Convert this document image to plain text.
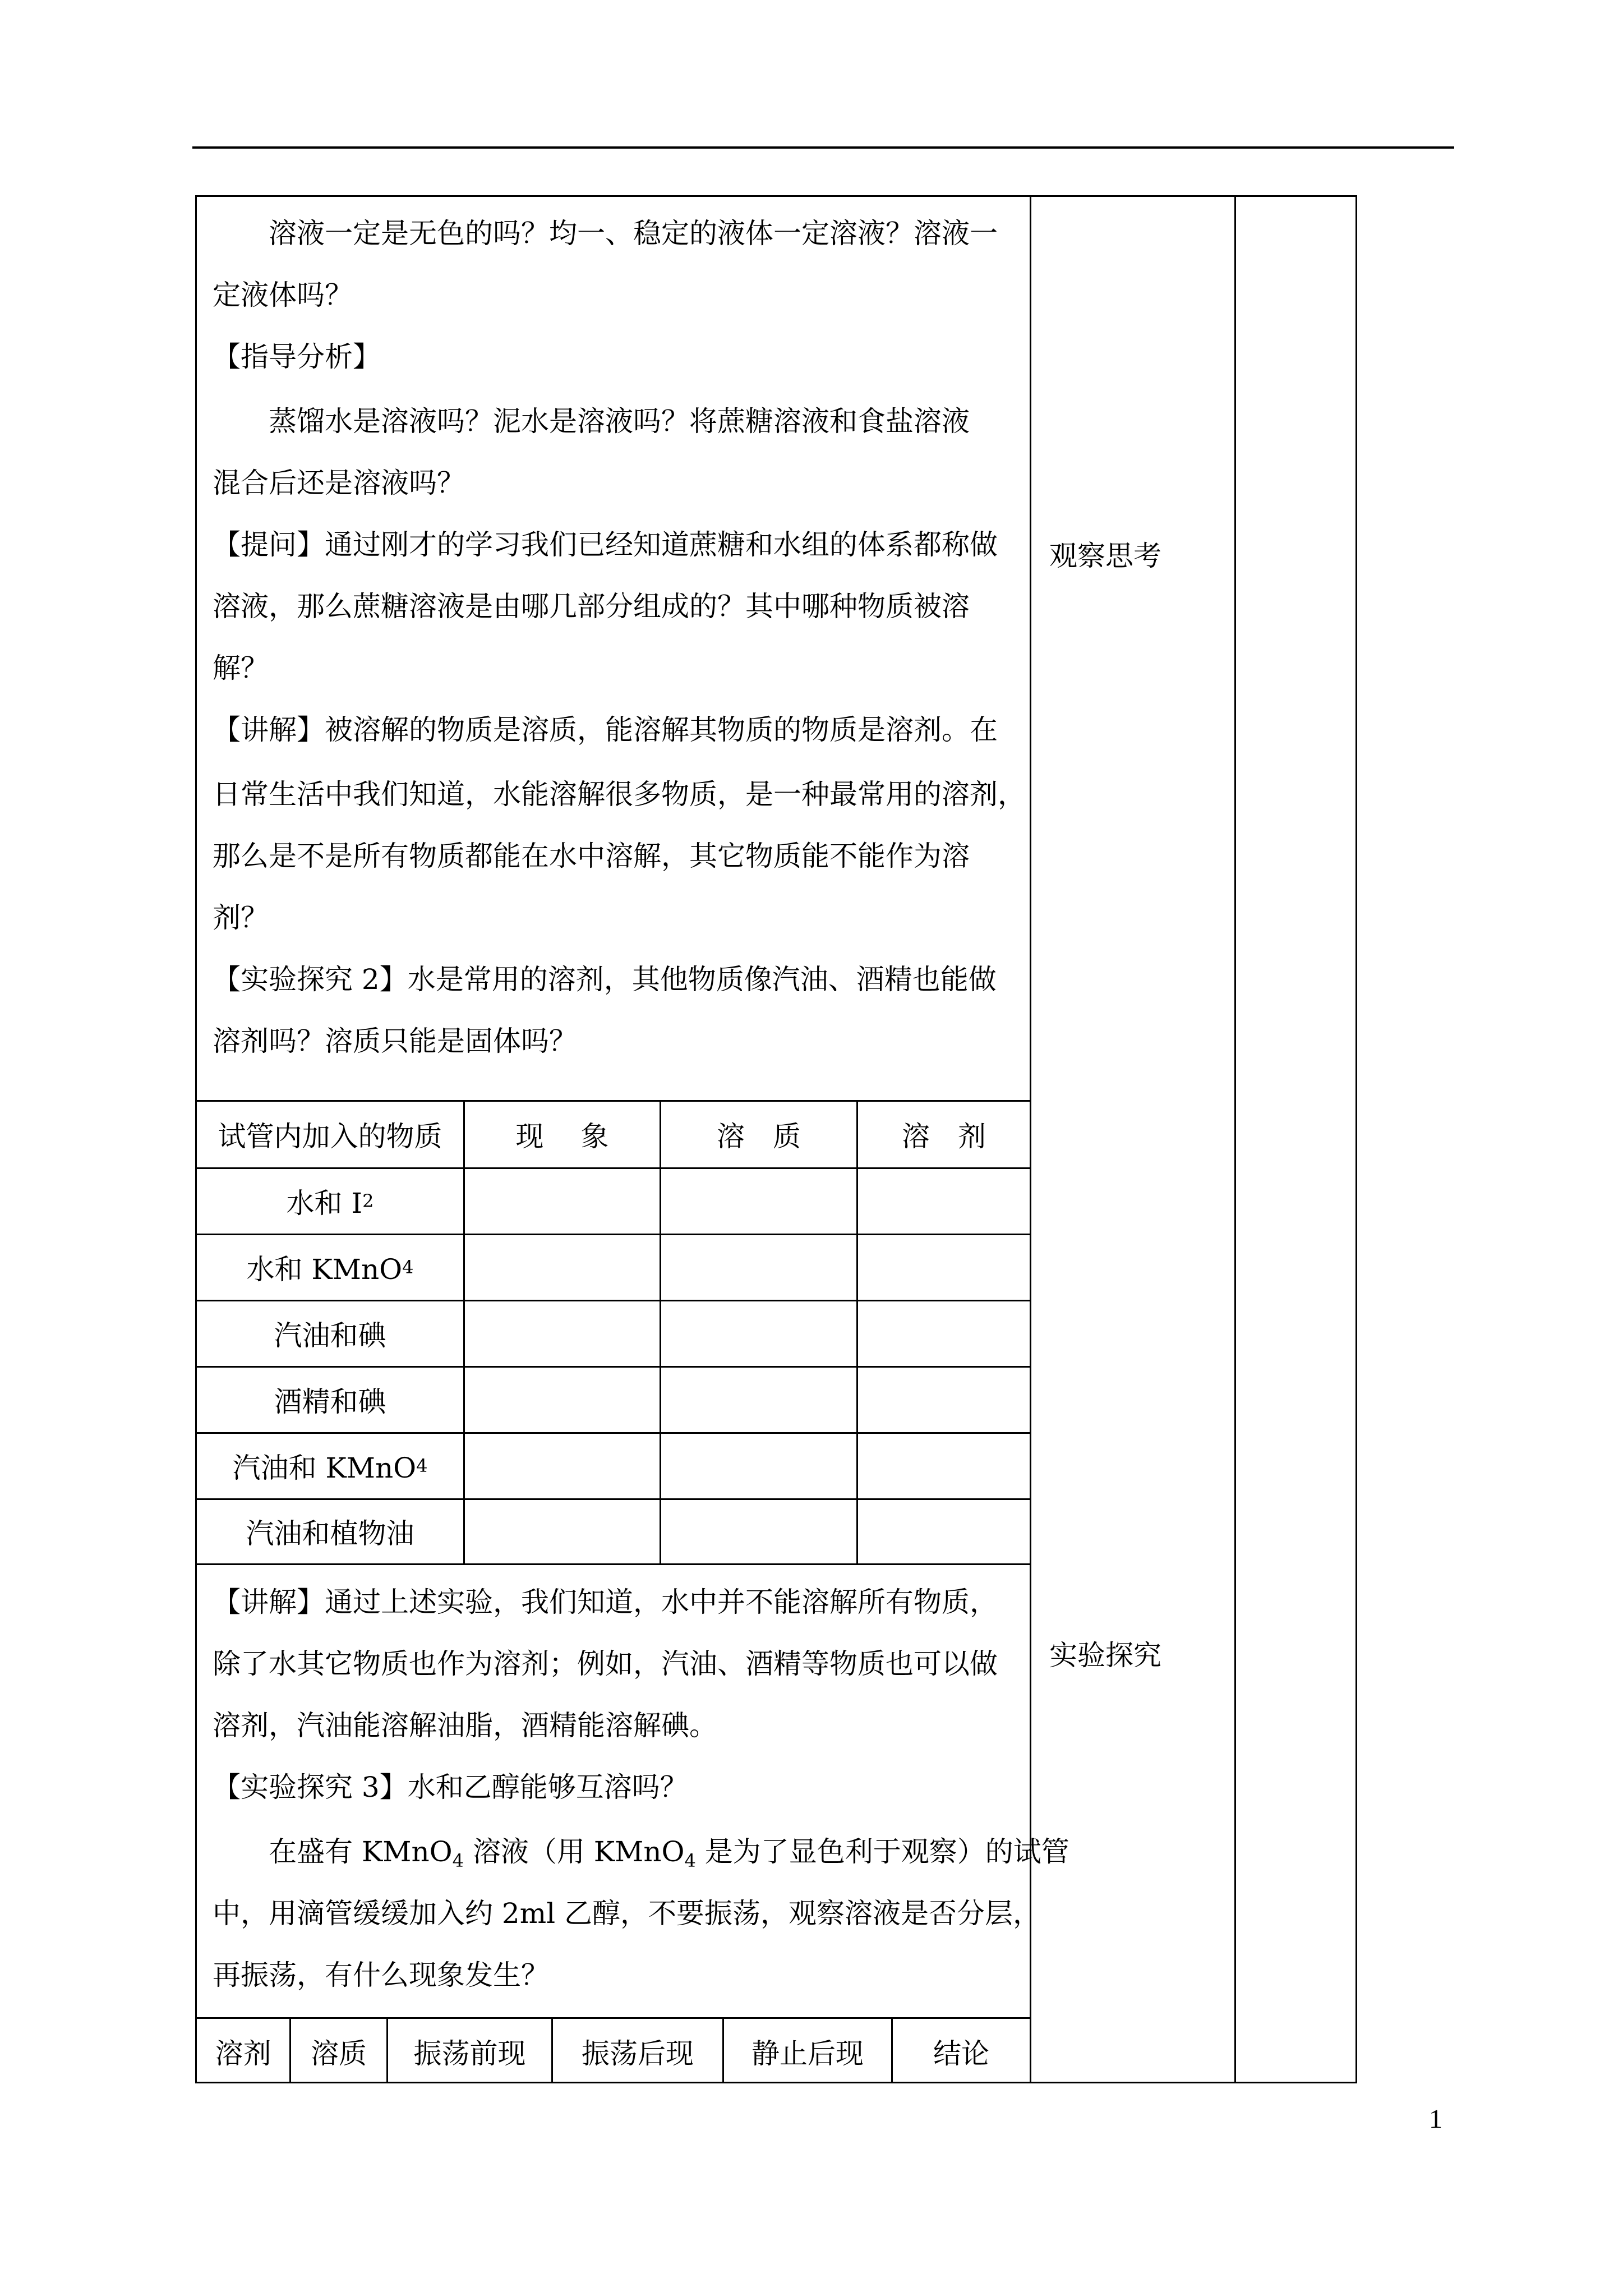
溶液一定是无色的吗？均一、稳定的液体一定溶液？溶液一
定液体吗？
【指导分析】
蒸馏水是溶液吗？泥水是溶液吗？将蔗糖溶液和食盐溶液
混合后还是溶液吗？
【提问】通过刚才的学习我们已经知道蔗糖和水组的体系都称做
溶液，那么蔗糖溶液是由哪几部分组成的？其中哪种物质被溶
解？
【讲解】被溶解的物质是溶质，能溶解其物质的物质是溶剂。在
日常生活中我们知道，水能溶解很多物质，是一种最常用的溶剂，
那么是不是所有物质都能在水中溶解，其它物质能不能作为溶
剂？
【实验探究 2】水是常用的溶剂，其他物质像汽油、酒精也能做
溶剂吗？溶质只能是固体吗？
观察思考
试管内加入的物质	现　 象	溶　质	溶　剂
水和 I 2
水和 KMnO 4
汽油和碘
酒精和碘
汽油和 KMnO 4
汽油和植物油
【讲解】通过上述实验，我们知道，水中并不能溶解所有物质，
除了水其它物质也作为溶剂；例如，汽油、酒精等物质也可以做
溶剂，汽油能溶解油脂，酒精能溶解碘。
【实验探究 3】水和乙醇能够互溶吗？
实验探究
在盛有 KMnO$_4$ 溶液（用 KMnO$_4$ 是为了显色利于观察）的试管
中，用滴管缓缓加入约 2ml 乙醇，不要振荡，观察溶液是否分层，
再振荡，有什么现象发生？
溶剂	溶质	振荡前现	振荡后现	静止后现	结论
1
